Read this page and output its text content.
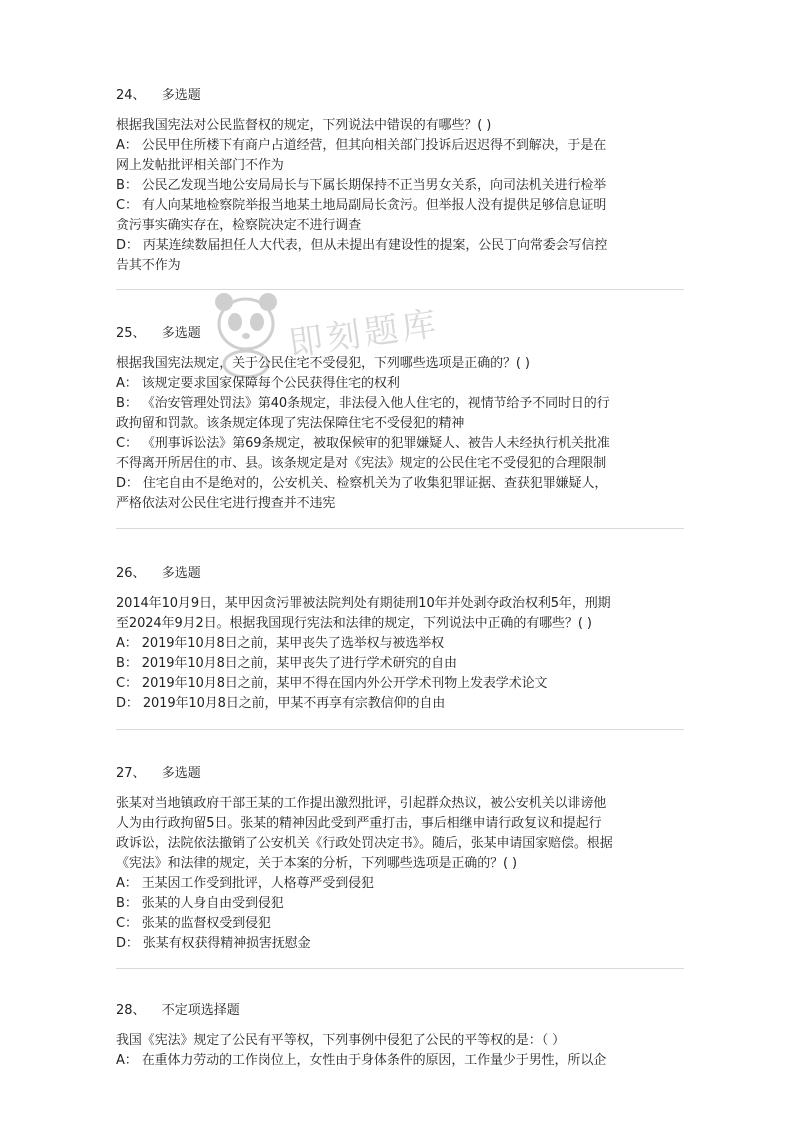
24、 多选题
根据我国宪法对公民监督权的规定，下列说法中错误的有哪些？( )
A： 公民甲住所楼下有商户占道经营，但其向相关部门投诉后迟迟得不到解决，于是在
网上发帖批评相关部门不作为
B： 公民乙发现当地公安局局长与下属长期保持不正当男女关系，向司法机关进行检举
C： 有人向某地检察院举报当地某土地局副局长贪污。但举报人没有提供足够信息证明
贪污事实确实存在，检察院决定不进行调查
D： 丙某连续数届担任人大代表，但从未提出有建设性的提案，公民丁向常委会写信控
告其不作为
25、 多选题
根据我国宪法规定，关于公民住宅不受侵犯，下列哪些选项是正确的？( )
A： 该规定要求国家保障每个公民获得住宅的权利
B： 《治安管理处罚法》第40条规定，非法侵入他人住宅的，视情节给予不同时日的行
政拘留和罚款。该条规定体现了宪法保障住宅不受侵犯的精神
C： 《刑事诉讼法》第69条规定，被取保候审的犯罪嫌疑人、被告人未经执行机关批准
不得离开所居住的市、县。该条规定是对《宪法》规定的公民住宅不受侵犯的合理限制
D： 住宅自由不是绝对的，公安机关、检察机关为了收集犯罪证据、查获犯罪嫌疑人，
严格依法对公民住宅进行搜查并不违宪
26、 多选题
2014年10月9日，某甲因贪污罪被法院判处有期徒刑10年并处剥夺政治权利5年，刑期
至2024年9月2日。根据我国现行宪法和法律的规定，下列说法中正确的有哪些？( )
A： 2019年10月8日之前，某甲丧失了选举权与被选举权
B： 2019年10月8日之前，某甲丧失了进行学术研究的自由
C： 2019年10月8日之前，某甲不得在国内外公开学术刊物上发表学术论文
D： 2019年10月8日之前，甲某不再享有宗教信仰的自由
27、 多选题
张某对当地镇政府干部王某的工作提出激烈批评，引起群众热议，被公安机关以诽谤他
人为由行政拘留5日。张某的精神因此受到严重打击，事后相继申请行政复议和提起行
政诉讼，法院依法撤销了公安机关《行政处罚决定书》。随后，张某申请国家赔偿。根据
《宪法》和法律的规定，关于本案的分析，下列哪些选项是正确的？( )
A： 王某因工作受到批评，人格尊严受到侵犯
B： 张某的人身自由受到侵犯
C： 张某的监督权受到侵犯
D： 张某有权获得精神损害抚慰金
28、 不定项选择题
我国《宪法》规定了公民有平等权，下列事例中侵犯了公民的平等权的是：（ ）
A： 在重体力劳动的工作岗位上，女性由于身体条件的原因，工作量少于男性，所以企
即刻题库
